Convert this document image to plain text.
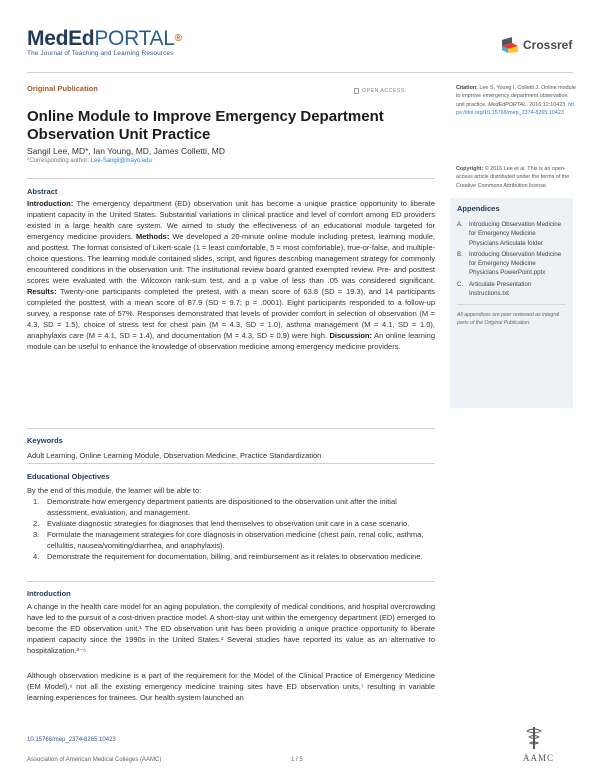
MedEdPORTAL®
The Journal of Teaching and Learning Resources
Crossref
Original Publication	OPEN ACCESS
Online Module to Improve Emergency Department Observation Unit Practice
Sangil Lee, MD*, Ian Young, MD, James Colletti, MD
*Corresponding author: Lee-Sangil@mayo.edu
Abstract
Introduction: The emergency department (ED) observation unit has become a unique practice opportunity to liberate inpatient capacity in the United States. Substantial variations in clinical practice and level of comfort among ED providers existed in a large health care system. We aimed to study the effectiveness of an educational module targeted for emergency medicine providers. Methods: We developed a 20-minute online module including pretest, learning module, and posttest. The format consisted of Likert-scale (1 = least comfortable, 5 = most comfortable), true-or-false, and multiple-choice questions. The learning module contained slides, script, and figures describing management strategy for commonly encountered conditions in the observation unit. The institutional review board granted exempted review. Pre- and posttest scores were evaluated with the Wilcoxon rank-sum test, and a p value of less than .05 was considered significant. Results: Twenty-one participants completed the pretest, with a mean score of 63.8 (SD = 19.3), and 14 participants completed the posttest, with a mean score of 87.9 (SD = 9.7; p = .0001). Eight participants responded to a follow-up survey, a response rate of 57%. Responses demonstrated that levels of provider comfort in selection of observation (M = 4.3, SD = 1.5), choice of stress test for chest pain (M = 4.3, SD = 1.0), asthma management (M = 4.1, SD = 1.0), anaphylaxis care (M = 4.1, SD = 1.4), and documentation (M = 4.3, SD = 0.9) were high. Discussion: An online learning module can be useful to enhance the knowledge of observation medicine among emergency medicine providers.
Keywords
Adult Learning, Online Learning Module, Observation Medicine, Practice Standardization
Educational Objectives
By the end of this module, the learner will be able to:
1.	Demonstrate how emergency department patients are dispositioned to the observation unit after the initial assessment, evaluation, and management.
2.	Evaluate diagnostic strategies for diagnoses that lend themselves to observation unit care in a case scenario.
3.	Formulate the management strategies for core diagnosis in observation medicine (chest pain, renal colic, asthma, cellulitis, nausea/vomiting/diarrhea, and anaphylaxis).
4.	Demonstrate the requirement for documentation, billing, and reimbursement as it relates to observation medicine.
Introduction
A change in the health care model for an aging population, the complexity of medical conditions, and hospital overcrowding have led to the pursuit of a cost-driven practice model. A short-stay unit within the emergency department (ED) emerged to become the ED observation unit.¹ The ED observation unit has been providing a unique practice opportunity to liberate inpatient capacity since the 1990s in the United States.² Several studies have reported its value as an alternative to hospitalization.³⁻⁵
Although observation medicine is a part of the requirement for the Model of the Clinical Practice of Emergency Medicine (EM Model),⁶ not all the existing emergency medicine training sites have ED observation units,⁷ resulting in variable learning experiences for trainees. Our health system launched an
Citation: Lee S, Young I, Colletti J. Online module to improve emergency department observation unit practice. MedEdPORTAL. 2016;12:10423. https://doi.org/10.15766/mep_2374-8265.10423
Copyright: © 2016 Lee et al. This is an open-access article distributed under the terms of the Creative Commons Attribution license.
Appendices
A. Introducing Observation Medicine for Emergency Medicine Physicians Articulate folder
B. Introducing Observation Medicine for Emergency Medicine Physicians PowerPoint.pptx
C. Articulate Presentation Instructions.txt
All appendices are peer reviewed as integral parts of the Original Publication.
10.15766/mep_2374-8265.10423
Association of American Medical Colleges (AAMC)	1 / 5	AAMC
